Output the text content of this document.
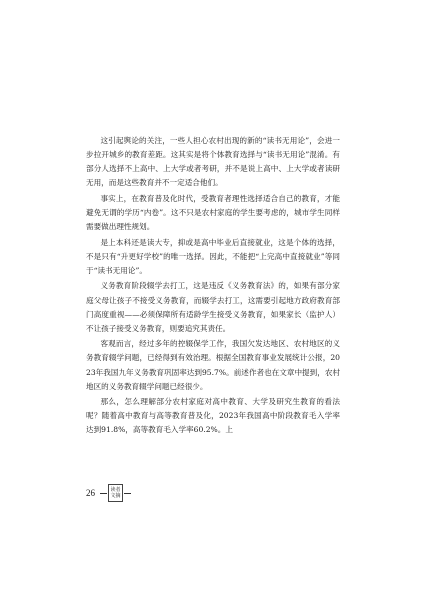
这引起舆论的关注，一些人担心农村出现的新的“读书无用论”，会进一步拉开城乡的教育差距。这其实是将个体教育选择与“读书无用论”混淆。有部分人选择不上高中、上大学或者考研，并不是说上高中、上大学或者读研无用，而是这些教育并不一定适合他们。

事实上，在教育普及化时代，受教育者理性选择适合自己的教育，才能避免无谓的学历“内卷”。这不只是农村家庭的学生要考虑的，城市学生同样需要做出理性规划。

是上本科还是读大专，抑或是高中毕业后直接就业，这是个体的选择，不是只有“升更好学校”的唯一选择。因此，不能把“上完高中直接就业”等同于“读书无用论”。

义务教育阶段辍学去打工，这是违反《义务教育法》的，如果有部分家庭父母让孩子不接受义务教育，而辍学去打工，这需要引起地方政府教育部门高度重视——必须保障所有适龄学生接受义务教育，如果家长（监护人）不让孩子接受义务教育，则要追究其责任。

客观而言，经过多年的控辍保学工作，我国欠发达地区、农村地区的义务教育辍学问题，已经得到有效治理。根据全国教育事业发展统计公报，2023年我国九年义务教育巩固率达到95.7%。前述作者也在文章中提到，农村地区的义务教育辍学问题已经很少。

那么，怎么理解部分农村家庭对高中教育、大学及研究生教育的看法呢？随着高中教育与高等教育普及化，2023年我国高中阶段教育毛入学率达到91.8%，高等教育毛入学率60.2%。上

26	读者
文摘
